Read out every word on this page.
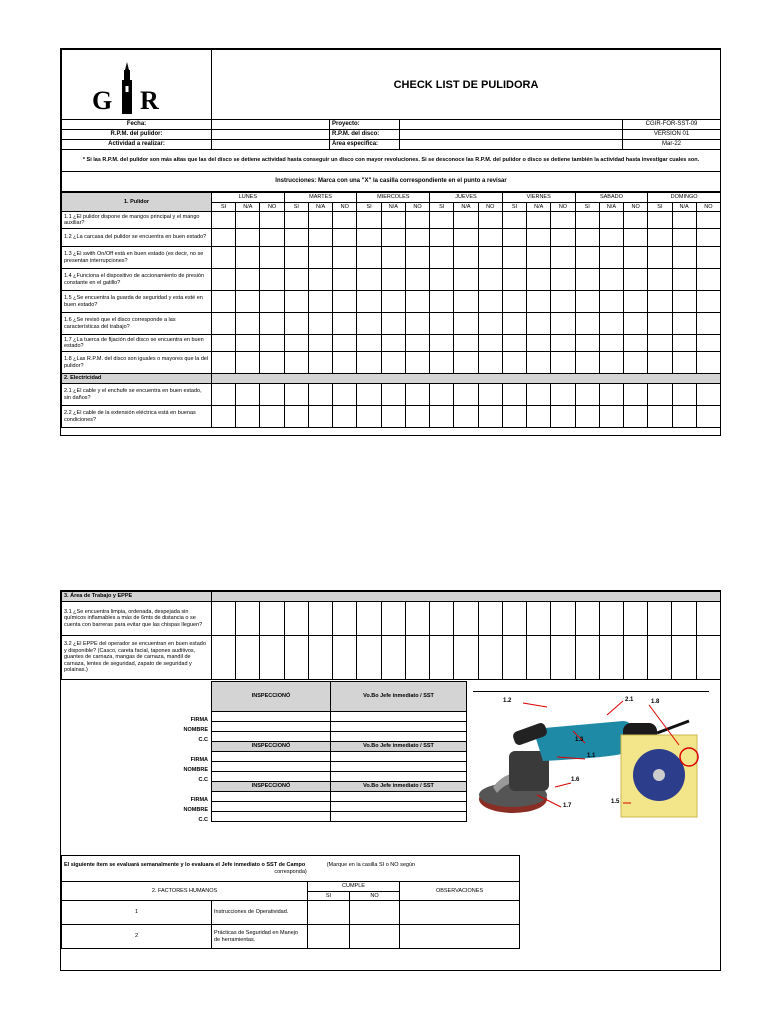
G R	CHECK LIST DE PULIDORA			
Fecha:		Proyecto:		CGIR-FOR-SST-09
R.P.M. del pulidor:		R.P.M. del disco:		VERSION 01
Actividad a realizar:		Área especifica:		Mar-22
* Si las R.P.M. del pulidor son más altas que las del disco se detiene actividad hasta conseguir un disco con mayor revoluciones. Si se desconoce las R.P.M. del pulidor o disco se detiene también la actividad hasta investigar cuales son.				
Instrucciones: Marca con una "X" la casilla correspondiente en el punto a revisar				
1. Pulidor	LUNES			MARTES			MIERCOLES			JUEVES			VIERNES			SABADO			DOMINGO		
	SI	N/A	NO	SI	N/A	NO	SI	N/A	NO	SI	N/A	NO	SI	N/A	NO	SI	N/A	NO	SI	N/A	NO
1.1 ¿El pulidor dispone de mangos principal y el mango auxiliar?																					
1.2 ¿La carcasa del pulidor se encuentra en buen estado?																					
1.3 ¿El swith On/Off está en buen estado (es decir, no se presentan interrupciones?																					
1.4 ¿Funciona el dispositivo de accionamiento de presión constante en el gatillo?																					
1.5 ¿Se encuentra la guarda de seguridad y esta esté en buen estado?																					
1.6 ¿Se revisó que el disco corresponde a las características del trabajo?																					
1.7 ¿La tuerca de fijación del disco se encuentra en buen estado?																					
1.8 ¿Las R.P.M. del disco son iguales o mayores que la del pulidor?																					
2. Electricidad																					
2.1 ¿El cable y el enchufe se encuentra en buen estado, sin daños?																					
2.2 ¿El cable de la extensión eléctrica está en buenas condiciones?																					
3. Área de Trabajo y EPPE																					
3.1 ¿Se encuentra limpia, ordenada, despejada sin químicos inflamables a más de 6mts de distancia o se cuenta con barreras para evitar que las chispas lleguen?																					
3.2 ¿El EPPE del operador se encuentran en buen estado y disponible? (Casco, careta facial, tapones auditivos, guantes de carnaza, mangas de carnaza, mandil de carnaza, lentes de seguridad, zapato de seguridad y polainas.)																					
INSPECCIONÓ	Vo.Bo Jefe inmediato / SST

FIRMA	

NOMBRE	

C.C	

INSPECCIONÓ	Vo.Bo Jefe inmediato / SST

FIRMA	

NOMBRE	

C.C	

INSPECCIONÓ	Vo.Bo Jefe inmediato / SST

FIRMA	

NOMBRE	

C.C	

1.2	2.1	1.8
1.3
1.1
1.6
1.7
1.5
El siguiente ítem se evaluará semanalmente y lo evaluara el Jefe inmediato o SST de Campo (Marque en la casilla SI o NO según
corresponda)				
2. FACTORES HUMANOS		CUMPLE		OBSERVACIONES
		SI	NO	
1	Instrucciones de Operatividad.			
2	Prácticas de Seguridad en Manejo de herramientas.			
